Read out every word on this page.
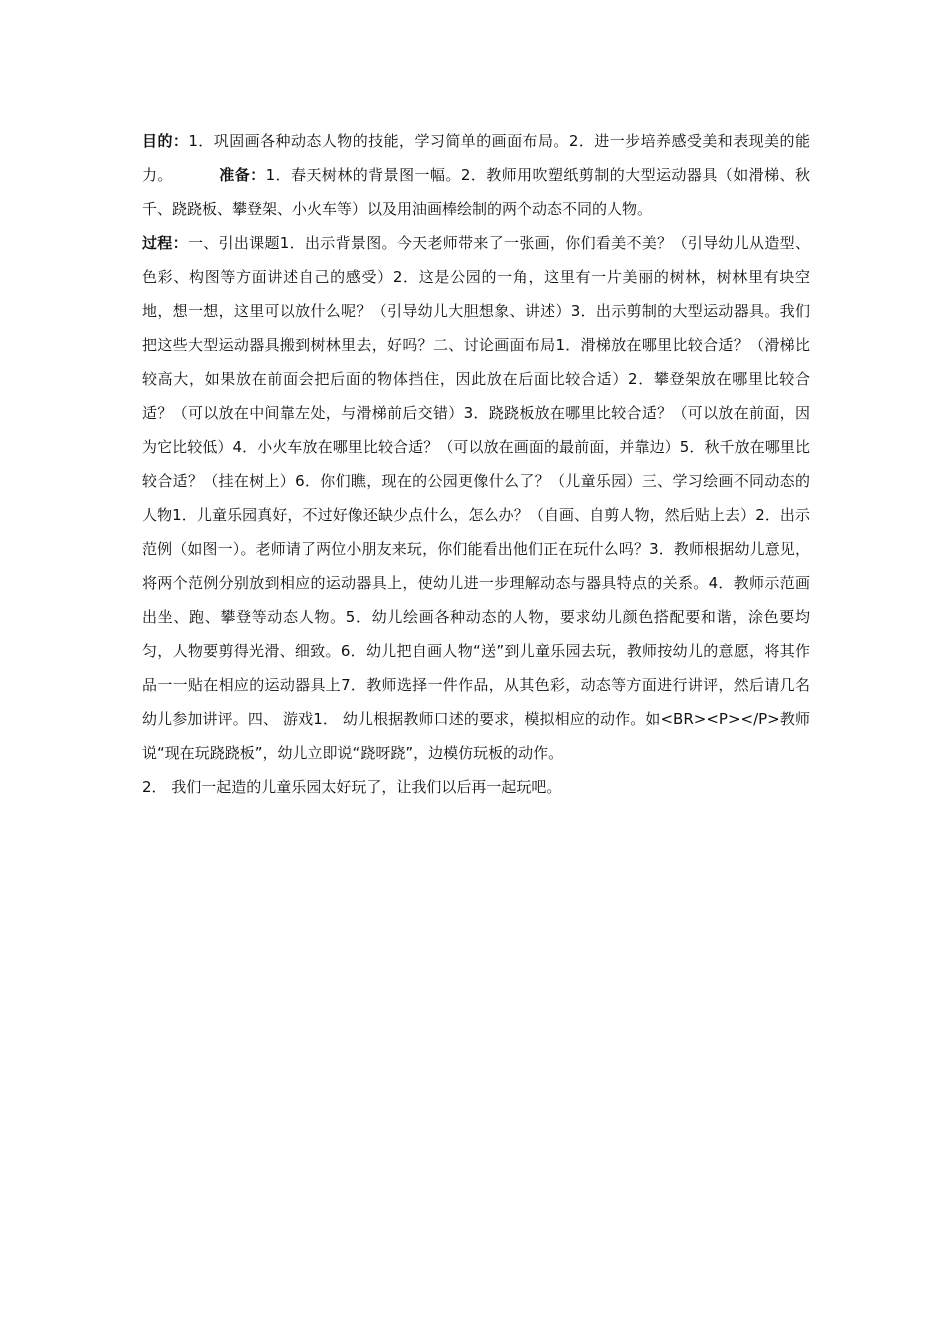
目的：1．巩固画各种动态人物的技能，学习简单的画面布局。2．进一步培养感受美和表现美的能力。	准备：1．春天树林的背景图一幅。2．教师用吹塑纸剪制的大型运动器具（如滑梯、秋千、跷跷板、攀登架、小火车等）以及用油画棒绘制的两个动态不同的人物。

过程：一、引出课题1．出示背景图。今天老师带来了一张画，你们看美不美？（引导幼儿从造型、色彩、构图等方面讲述自己的感受）2．这是公园的一角，这里有一片美丽的树林，树林里有块空地，想一想，这里可以放什么呢？（引导幼儿大胆想象、讲述）3．出示剪制的大型运动器具。我们把这些大型运动器具搬到树林里去，好吗？二、讨论画面布局1．滑梯放在哪里比较合适？（滑梯比较高大，如果放在前面会把后面的物体挡住，因此放在后面比较合适）2．攀登架放在哪里比较合适？（可以放在中间靠左处，与滑梯前后交错）3．跷跷板放在哪里比较合适？（可以放在前面，因为它比较低）4．小火车放在哪里比较合适？（可以放在画面的最前面，并靠边）5．秋千放在哪里比较合适？（挂在树上）6．你们瞧，现在的公园更像什么了？（儿童乐园）三、学习绘画不同动态的人物1．儿童乐园真好，不过好像还缺少点什么，怎么办？（自画、自剪人物，然后贴上去）2．出示范例（如图一）。老师请了两位小朋友来玩，你们能看出他们正在玩什么吗？3．教师根据幼儿意见，将两个范例分别放到相应的运动器具上，使幼儿进一步理解动态与器具特点的关系。4．教师示范画出坐、跑、攀登等动态人物。5．幼儿绘画各种动态的人物，要求幼儿颜色搭配要和谐，涂色要均匀，人物要剪得光滑、细致。6．幼儿把自画人物“送”到儿童乐园去玩，教师按幼儿的意愿，将其作品一一贴在相应的运动器具上7．教师选择一件作品，从其色彩，动态等方面进行讲评，然后请几名幼儿参加讲评。四、 游戏1． 幼儿根据教师口述的要求，模拟相应的动作。如<BR><P></P>教师说“现在玩跷跷板”，幼儿立即说“跷呀跷”，边模仿玩板的动作。

2． 我们一起造的儿童乐园太好玩了，让我们以后再一起玩吧。
